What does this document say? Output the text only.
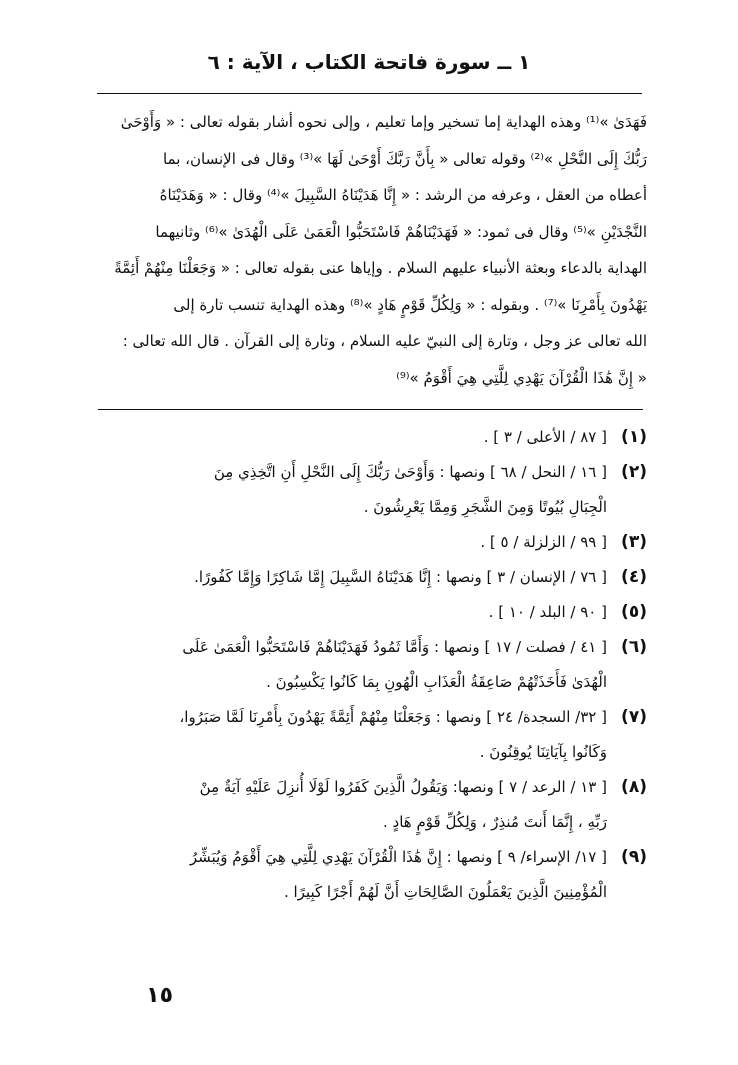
١ ــ سورة فاتحة الكتاب ، الآية : ٦
فَهَدَىٰ »⁽¹⁾ وهذه الهداية إما تسخير وإما تعليم ، وإلى نحوه أشار بقوله تعالى : « وَأَوْحَىٰ
رَبُّكَ إِلَى النَّحْلِ »⁽²⁾ وقوله تعالى « بِأَنَّ رَبَّكَ أَوْحَىٰ لَهَا »⁽³⁾ وقال فى الإنسان، بما
أعطاه من العقل ، وعرفه من الرشد : « إِنَّا هَدَيْنَاهُ السَّبِيلَ »⁽⁴⁾ وقال : « وَهَدَيْنَاهُ
النَّجْدَيْنِ »⁽⁵⁾ وقال فى ثمود: « فَهَدَيْنَاهُمْ فَاسْتَحَبُّوا الْعَمَىٰ عَلَى الْهُدَىٰ »⁽⁶⁾ وثانيهما
الهداية بالدعاء وبعثة الأنبياء عليهم السلام . وإياها عنى بقوله تعالى : « وَجَعَلْنَا مِنْهُمْ أَئِمَّةً
يَهْدُونَ بِأَمْرِنَا »⁽⁷⁾ . وبقوله : « وَلِكُلِّ قَوْمٍ هَادٍ »⁽⁸⁾ وهذه الهداية تنسب تارة إلى
الله تعالى عز وجل ، وتارة إلى النبيّ عليه السلام ، وتارة إلى القرآن . قال الله تعالى :
« إِنَّ هَٰذَا الْقُرْآنَ يَهْدِي لِلَّتِي هِيَ أَقْوَمُ »⁽⁹⁾
(١)
[ ٨٧ / الأعلى / ٣ ] .
(٢)
[ ١٦ / النحل / ٦٨ ] ونصها : وَأَوْحَىٰ رَبُّكَ إِلَى النَّحْلِ أَنِ اتَّخِذِي مِنَ
الْجِبَالِ بُيُوتًا وَمِنَ الشَّجَرِ وَمِمَّا يَعْرِشُونَ .
(٣)
[ ٩٩ / الزلزلة / ٥ ] .
(٤)
[ ٧٦ / الإنسان / ٣ ] ونصها : إِنَّا هَدَيْنَاهُ السَّبِيلَ إِمَّا شَاكِرًا وَإِمَّا كَفُورًا.
(٥)
[ ٩٠ / البلد / ١٠ ] .
(٦)
[ ٤١ / فصلت / ١٧ ] ونصها : وَأَمَّا ثَمُودُ فَهَدَيْنَاهُمْ فَاسْتَحَبُّوا الْعَمَىٰ عَلَى
الْهُدَىٰ فَأَخَذَتْهُمْ صَاعِقَةُ الْعَذَابِ الْهُونِ بِمَا كَانُوا يَكْسِبُونَ .
(٧)
[ ٣٢/ السجدة/ ٢٤ ] ونصها : وَجَعَلْنَا مِنْهُمْ أَئِمَّةً يَهْدُونَ بِأَمْرِنَا لَمَّا صَبَرُوا،
وَكَانُوا بِآيَاتِنَا يُوقِنُونَ .
(٨)
[ ١٣ / الرعد / ٧ ] ونصها: وَيَقُولُ الَّذِينَ كَفَرُوا لَوْلَا أُنزِلَ عَلَيْهِ آيَةٌ مِنْ
رَبِّهِ ، إِنَّمَا أَنتَ مُنذِرٌ ، وَلِكُلِّ قَوْمٍ هَادٍ .
(٩)
[ ١٧/ الإسراء/ ٩ ] ونصها : إِنَّ هَٰذَا الْقُرْآنَ يَهْدِي لِلَّتِي هِيَ أَقْوَمُ وَيُبَشِّرُ
الْمُؤْمِنِينَ الَّذِينَ يَعْمَلُونَ الصَّالِحَاتِ أَنَّ لَهُمْ أَجْرًا كَبِيرًا .
١٥
